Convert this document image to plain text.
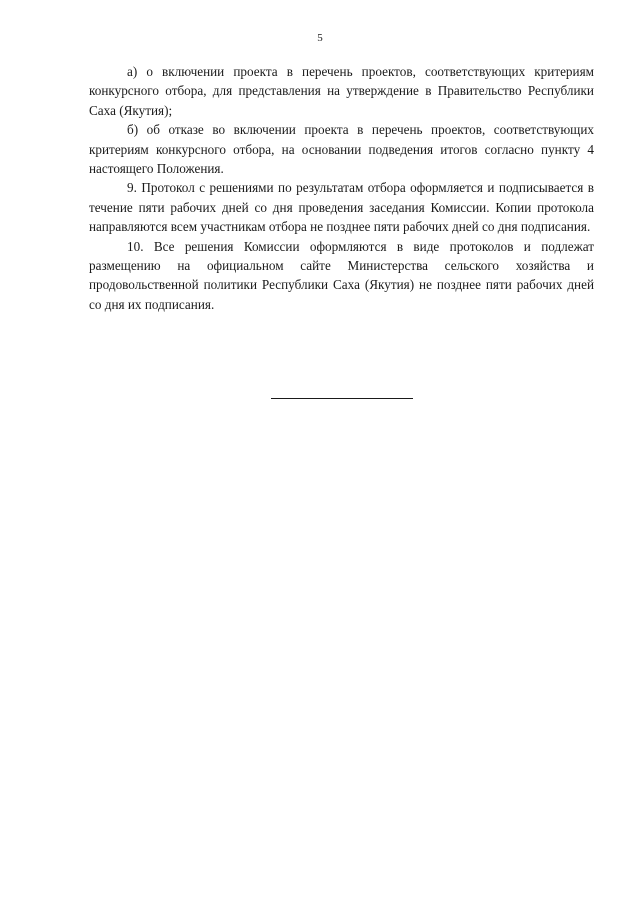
5

а) о включении проекта в перечень проектов, соответствующих критериям конкурсного отбора, для представления на утверждение в Правительство Республики Саха (Якутия);

б) об отказе во включении проекта в перечень проектов, соответствующих критериям конкурсного отбора, на основании подведения итогов согласно пункту 4 настоящего Положения.

9. Протокол с решениями по результатам отбора оформляется и подписывается в течение пяти рабочих дней со дня проведения заседания Комиссии. Копии протокола направляются всем участникам отбора не позднее пяти рабочих дней со дня подписания.

10. Все решения Комиссии оформляются в виде протоколов и подлежат размещению на официальном сайте Министерства сельского хозяйства и продовольственной политики Республики Саха (Якутия) не позднее пяти рабочих дней со дня их подписания.
